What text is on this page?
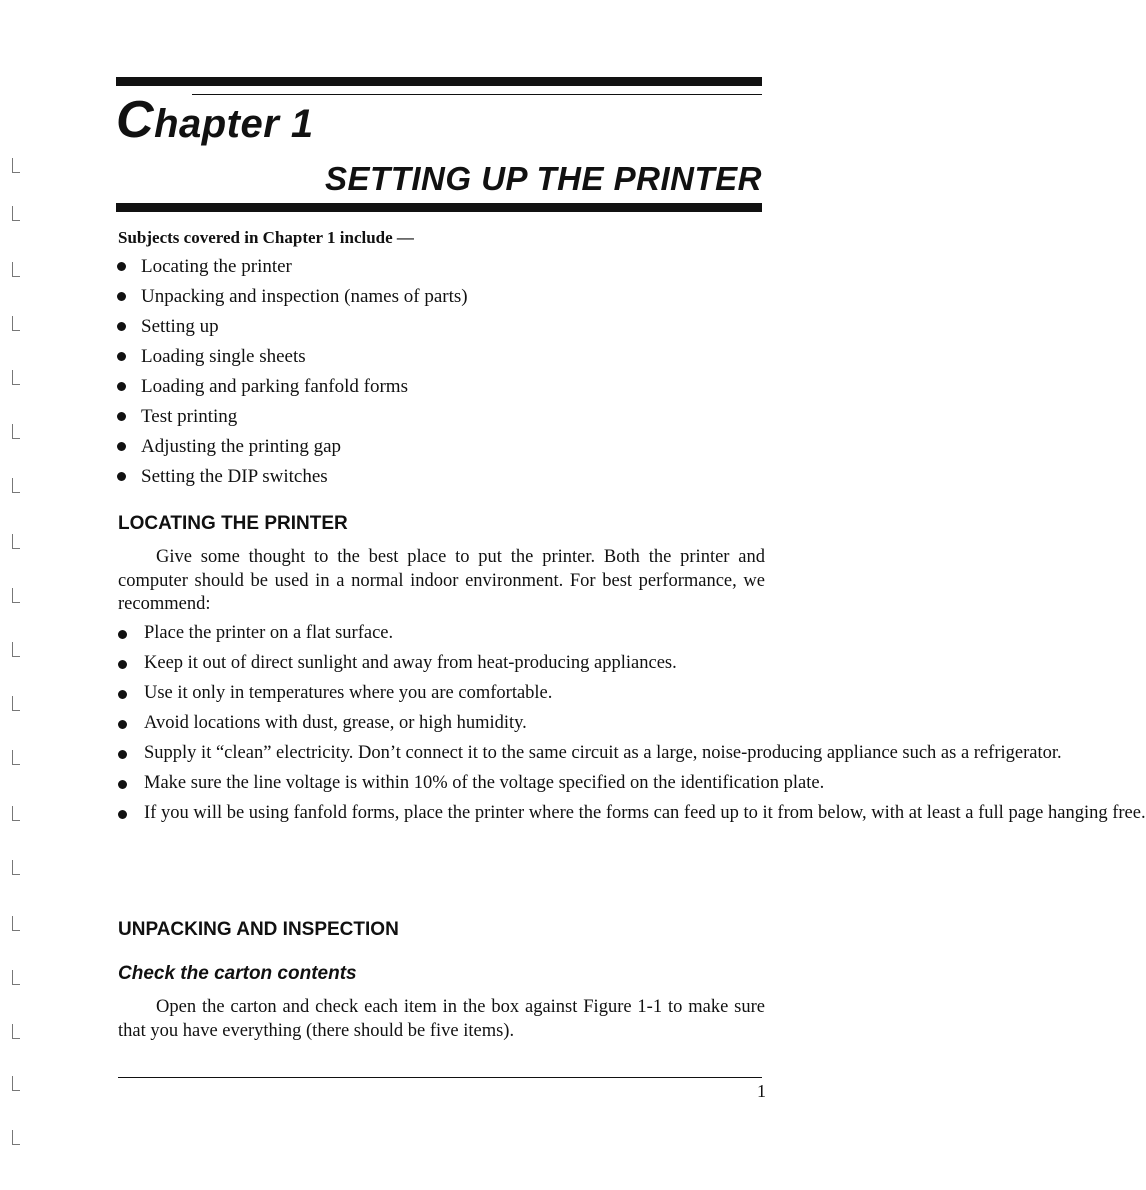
Chapter 1
SETTING UP THE PRINTER
Subjects covered in Chapter 1 include —
Locating the printer
Unpacking and inspection (names of parts)
Setting up
Loading single sheets
Loading and parking fanfold forms
Test printing
Adjusting the printing gap
Setting the DIP switches
LOCATING THE PRINTER

Give some thought to the best place to put the printer. Both the printer and computer should be used in a normal indoor environment. For best performance, we recommend:

Place the printer on a flat surface.
Keep it out of direct sunlight and away from heat-producing appliances.
Use it only in temperatures where you are comfortable.
Avoid locations with dust, grease, or high humidity.
Supply it “clean” electricity. Don’t connect it to the same circuit as a large, noise-producing appliance such as a refrigerator.
Make sure the line voltage is within 10% of the voltage specified on the identification plate.
If you will be using fanfold forms, place the printer where the forms can feed up to it from below, with at least a full page hanging free.
UNPACKING AND INSPECTION
Check the carton contents

Open the carton and check each item in the box against Figure 1-1 to make sure that you have everything (there should be five items).

1
